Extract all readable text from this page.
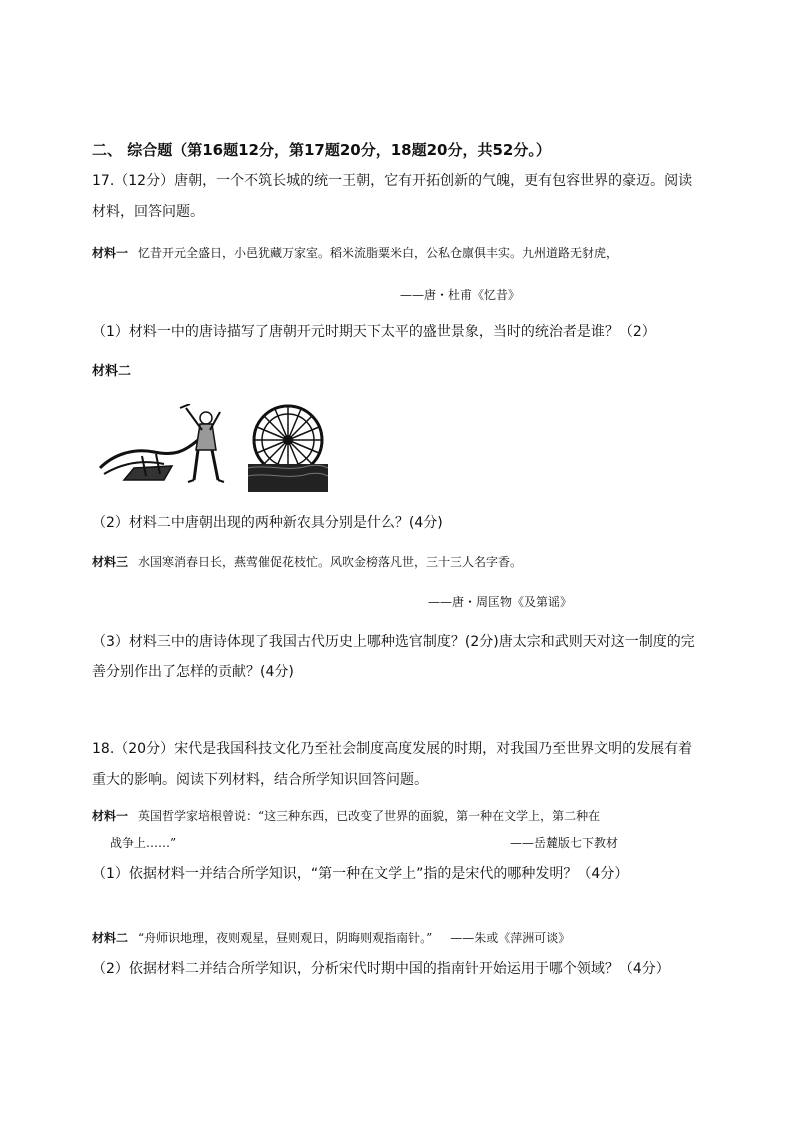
二、 综合题（第16题12分，第17题20分，18题20分，共52分。）
17.（12分）唐朝，一个不筑长城的统一王朝，它有开拓创新的气魄，更有包容世界的豪迈。阅读
材料，回答问题。
材料一 忆昔开元全盛日，小邑犹藏万家室。稻米流脂粟米白，公私仓廪俱丰实。九州道路无豺虎，
——唐・杜甫《忆昔》
（1）材料一中的唐诗描写了唐朝开元时期天下太平的盛世景象，当时的统治者是谁？（2）
材料二
（2）材料二中唐朝出现的两种新农具分别是什么？(4分)
材料三 水国寒消春日长，燕莺催促花枝忙。风吹金榜落凡世，三十三人名字香。
——唐・周匡物《及第谣》
（3）材料三中的唐诗体现了我国古代历史上哪种选官制度？(2分)唐太宗和武则天对这一制度的完
善分别作出了怎样的贡献？(4分)
18.（20分）宋代是我国科技文化乃至社会制度高度发展的时期，对我国乃至世界文明的发展有着
重大的影响。阅读下列材料，结合所学知识回答问题。
材料一 英国哲学家培根曾说：“这三种东西，已改变了世界的面貌，第一种在文学上，第二种在
战争上……”	——岳麓版七下教材
（1）依据材料一并结合所学知识，“第一种在文学上”指的是宋代的哪种发明？（4分）
材料二 “舟师识地理，夜则观星，昼则观日，阴晦则观指南针。” ——朱或《萍洲可谈》
（2）依据材料二并结合所学知识，分析宋代时期中国的指南针开始运用于哪个领域？（4分）
